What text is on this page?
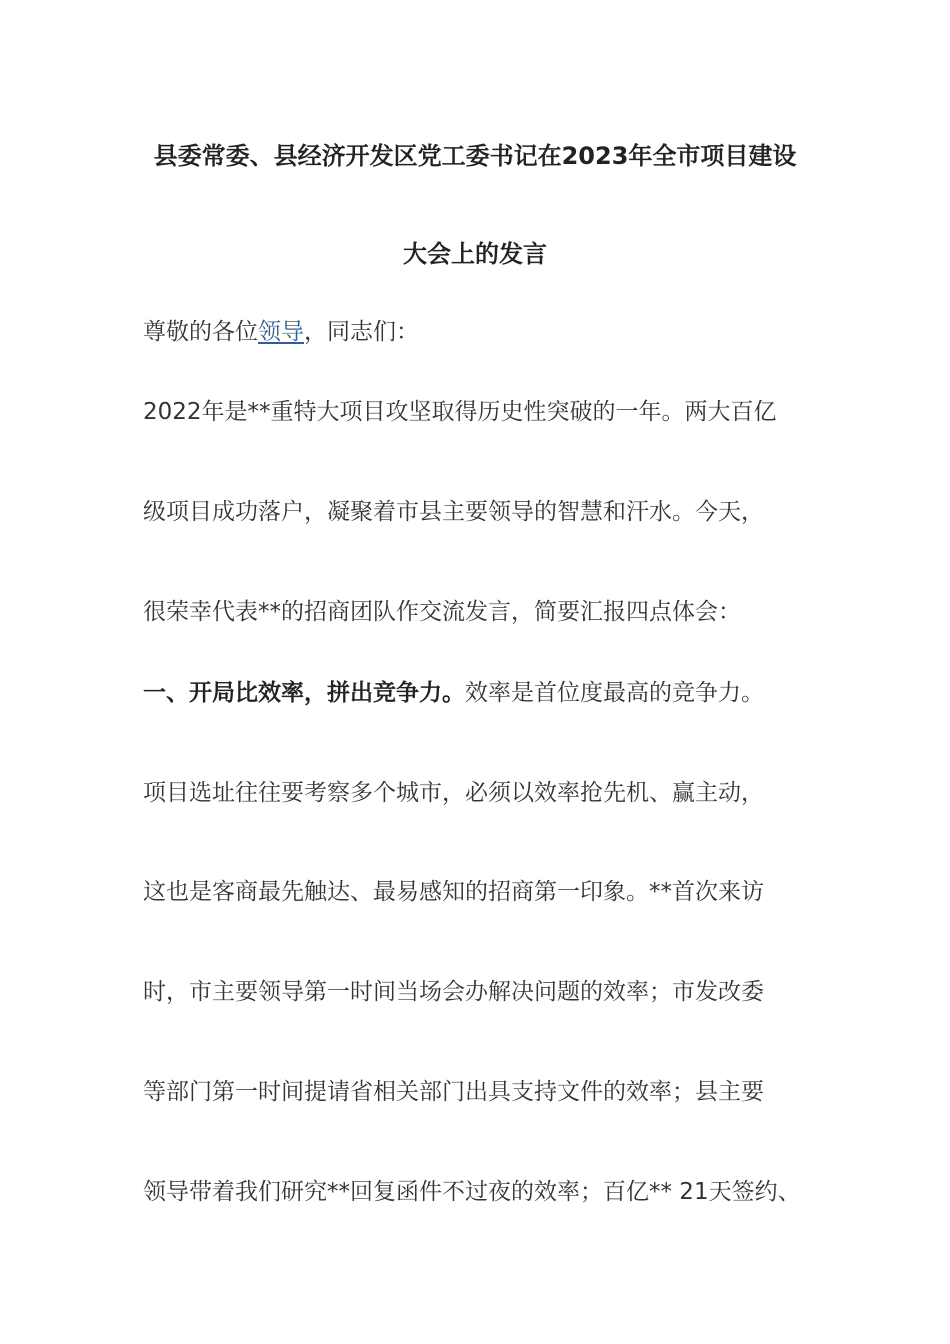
县委常委、县经济开发区党工委书记在2023年全市项目建设
大会上的发言
尊敬的各位领导，同志们：
2022年是**重特大项目攻坚取得历史性突破的一年。两大百亿
级项目成功落户，凝聚着市县主要领导的智慧和汗水。今天，
很荣幸代表**的招商团队作交流发言，简要汇报四点体会：
一、开局比效率，拼出竞争力。效率是首位度最高的竞争力。
项目选址往往要考察多个城市，必须以效率抢先机、赢主动，
这也是客商最先触达、最易感知的招商第一印象。**首次来访
时，市主要领导第一时间当场会办解决问题的效率；市发改委
等部门第一时间提请省相关部门出具支持文件的效率；县主要
领导带着我们研究**回复函件不过夜的效率；百亿** 21天签约、
